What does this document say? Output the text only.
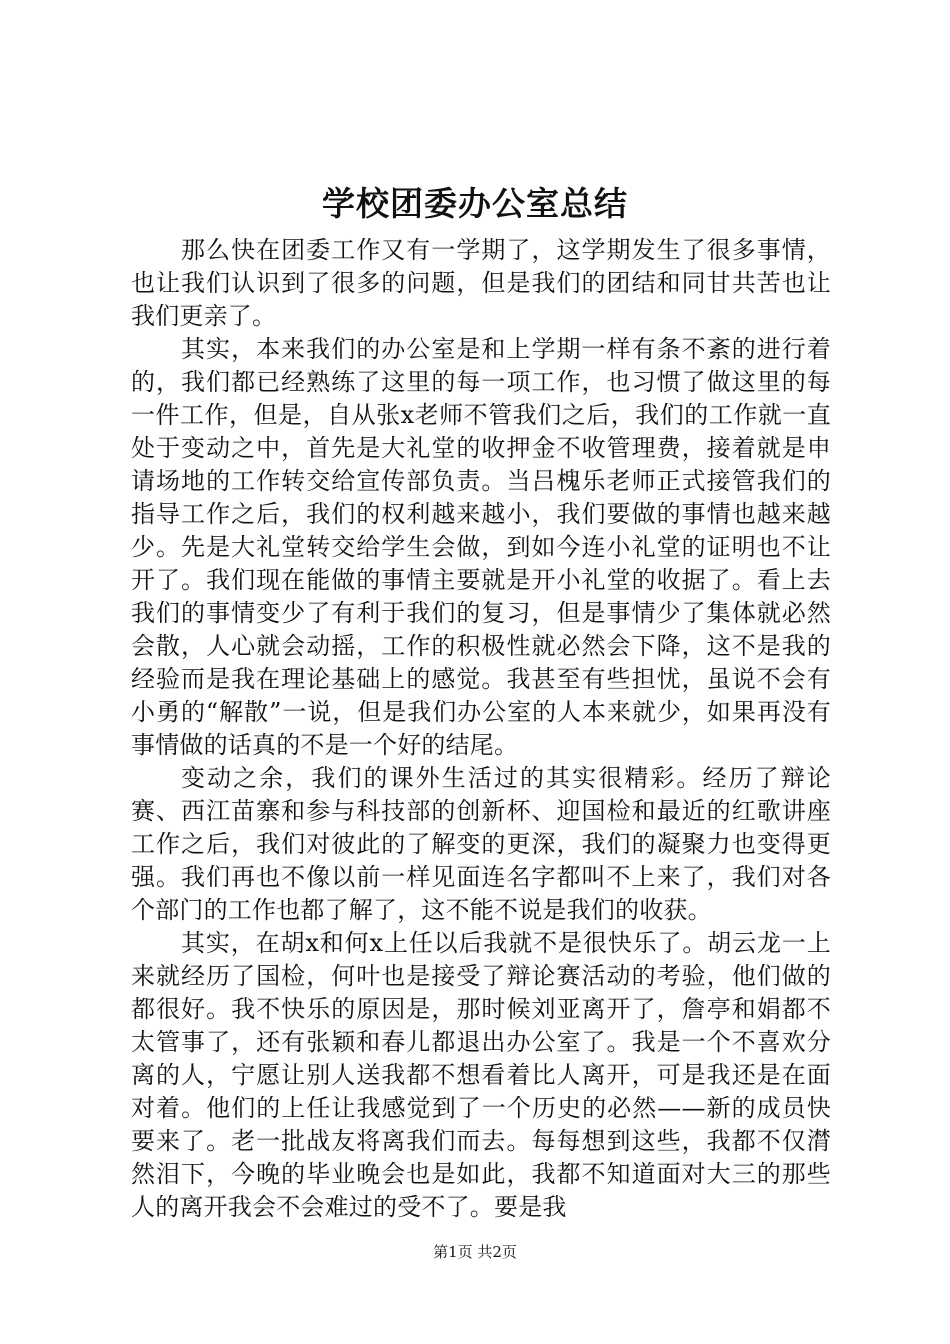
学校团委办公室总结

那么快在团委工作又有一学期了，这学期发生了很多事情，也让我们认识到了很多的问题，但是我们的团结和同甘共苦也让我们更亲了。

其实，本来我们的办公室是和上学期一样有条不紊的进行着的，我们都已经熟练了这里的每一项工作，也习惯了做这里的每一件工作，但是，自从张x老师不管我们之后，我们的工作就一直处于变动之中，首先是大礼堂的收押金不收管理费，接着就是申请场地的工作转交给宣传部负责。当吕槐乐老师正式接管我们的指导工作之后，我们的权利越来越小，我们要做的事情也越来越少。先是大礼堂转交给学生会做，到如今连小礼堂的证明也不让开了。我们现在能做的事情主要就是开小礼堂的收据了。看上去我们的事情变少了有利于我们的复习，但是事情少了集体就必然会散，人心就会动摇，工作的积极性就必然会下降，这不是我的经验而是我在理论基础上的感觉。我甚至有些担忧，虽说不会有小勇的“解散”一说，但是我们办公室的人本来就少，如果再没有事情做的话真的不是一个好的结尾。

变动之余，我们的课外生活过的其实很精彩。经历了辩论赛、西江苗寨和参与科技部的创新杯、迎国检和最近的红歌讲座工作之后，我们对彼此的了解变的更深，我们的凝聚力也变得更强。我们再也不像以前一样见面连名字都叫不上来了，我们对各个部门的工作也都了解了，这不能不说是我们的收获。

其实，在胡x和何x上任以后我就不是很快乐了。胡云龙一上来就经历了国检，何叶也是接受了辩论赛活动的考验，他们做的都很好。我不快乐的原因是，那时候刘亚离开了，詹亭和娟都不太管事了，还有张颖和春儿都退出办公室了。我是一个不喜欢分离的人，宁愿让别人送我都不想看着比人离开，可是我还是在面对着。他们的上任让我感觉到了一个历史的必然——新的成员快要来了。老一批战友将离我们而去。每每想到这些，我都不仅潸然泪下，今晚的毕业晚会也是如此，我都不知道面对大三的那些人的离开我会不会难过的受不了。要是我

第1页 共2页
